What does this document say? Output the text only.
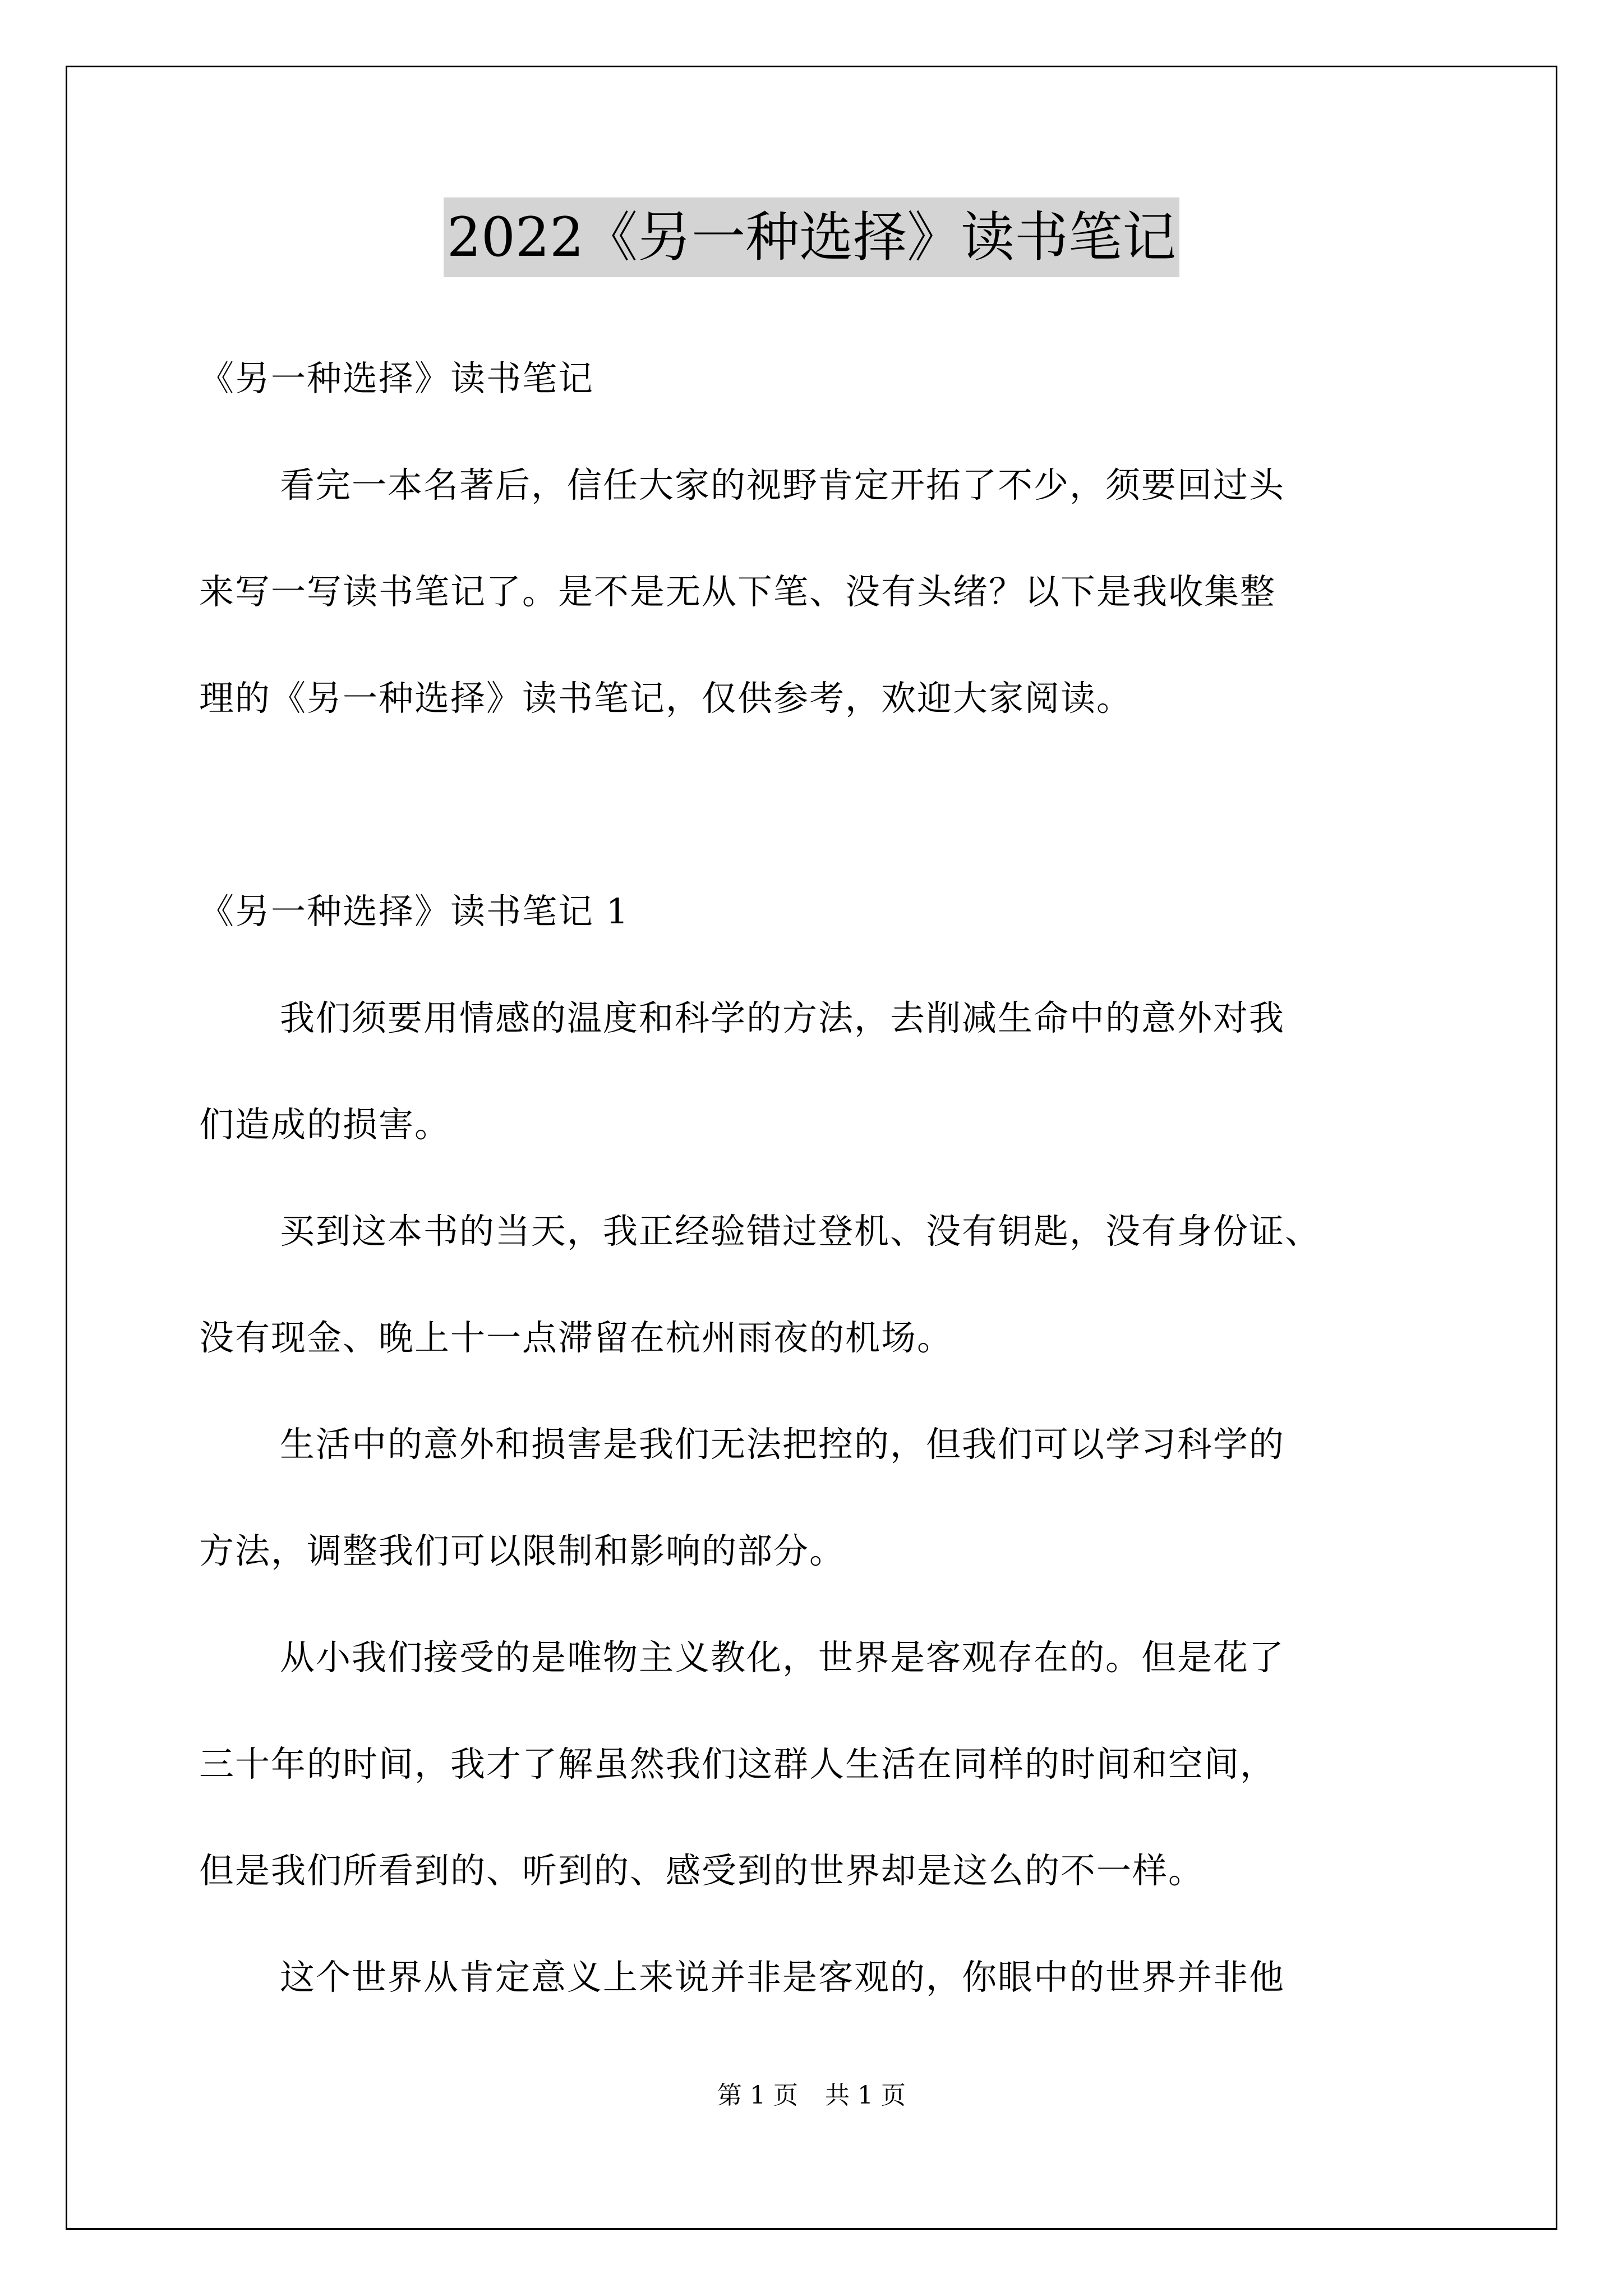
2022《另一种选择》读书笔记
《另一种选择》读书笔记
看完一本名著后，信任大家的视野肯定开拓了不少，须要回过头
来写一写读书笔记了。是不是无从下笔、没有头绪？以下是我收集整
理的《另一种选择》读书笔记，仅供参考，欢迎大家阅读。
《另一种选择》读书笔记 1
我们须要用情感的温度和科学的方法，去削减生命中的意外对我
们造成的损害。
买到这本书的当天，我正经验错过登机、没有钥匙，没有身份证、
没有现金、晚上十一点滞留在杭州雨夜的机场。
生活中的意外和损害是我们无法把控的，但我们可以学习科学的
方法，调整我们可以限制和影响的部分。
从小我们接受的是唯物主义教化，世界是客观存在的。但是花了
三十年的时间，我才了解虽然我们这群人生活在同样的时间和空间，
但是我们所看到的、听到的、感受到的世界却是这么的不一样。
这个世界从肯定意义上来说并非是客观的，你眼中的世界并非他
第 1 页 共 1 页
